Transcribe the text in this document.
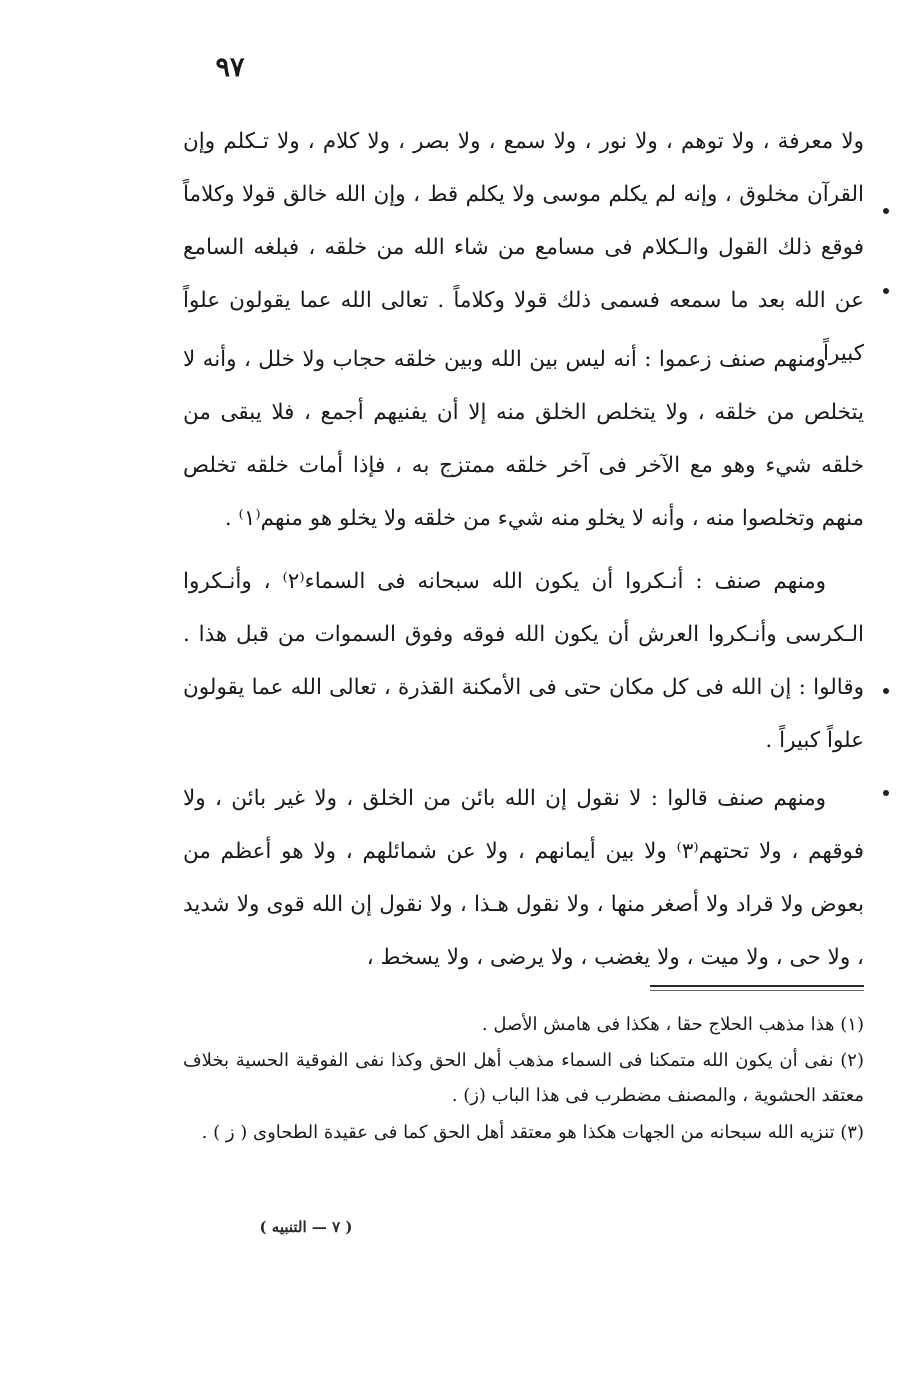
٩٧

ولا معرفة ، ولا توهم ، ولا نور ، ولا سمع ، ولا بصر ، ولا كلام ، ولا تـكلم وإن القرآن مخلوق ، وإنه لم يكلم موسى ولا يكلم قط ، وإن الله خالق قولا وكلاماً فوقع ذلك القول والـكلام فى مسامع من شاء الله من خلقه ، فبلغه السامع عن الله بعد ما سمعه فسمى ذلك قولا وكلاماً . تعالى الله عما يقولون علواً كبيراً .

ومنهم صنف زعموا : أنه ليس بين الله وبين خلقه حجاب ولا خلل ، وأنه لا يتخلص من خلقه ، ولا يتخلص الخلق منه إلا أن يفنيهم أجمع ، فلا يبقى من خلقه شيء وهو مع الآخر فى آخر خلقه ممتزج به ، فإذا أمات خلقه تخلص منهم وتخلصوا منه ، وأنه لا يخلو منه شيء من خلقه ولا يخلو هو منهم⁽١⁾ .

ومنهم صنف : أنـكروا أن يكون الله سبحانه فى السماء⁽٢⁾ ، وأنـكروا الـكرسى وأنـكروا العرش أن يكون الله فوقه وفوق السموات من قبل هذا . وقالوا : إن الله فى كل مكان حتى فى الأمكنة القذرة ، تعالى الله عما يقولون علواً كبيراً .

ومنهم صنف قالوا : لا نقول إن الله بائن من الخلق ، ولا غير بائن ، ولا فوقهم ، ولا تحتهم⁽٣⁾ ولا بين أيمانهم ، ولا عن شمائلهم ، ولا هو أعظم من بعوض ولا قراد ولا أصغر منها ، ولا نقول هـذا ، ولا نقول إن الله قوى ولا شديد ، ولا حى ، ولا ميت ، ولا يغضب ، ولا يرضى ، ولا يسخط ،

(١) هذا مذهب الحلاج حقا ، هكذا فى هامش الأصل .

(٢) نفى أن يكون الله متمكنا فى السماء مذهب أهل الحق وكذا نفى الفوقية الحسية بخلاف معتقد الحشوية ، والمصنف مضطرب فى هذا الباب (ز) .

(٣) تنزيه الله سبحانه من الجهات هكذا هو معتقد أهل الحق كما فى عقيدة الطحاوى ( ز ) .

( ٧ — التنبيه )
